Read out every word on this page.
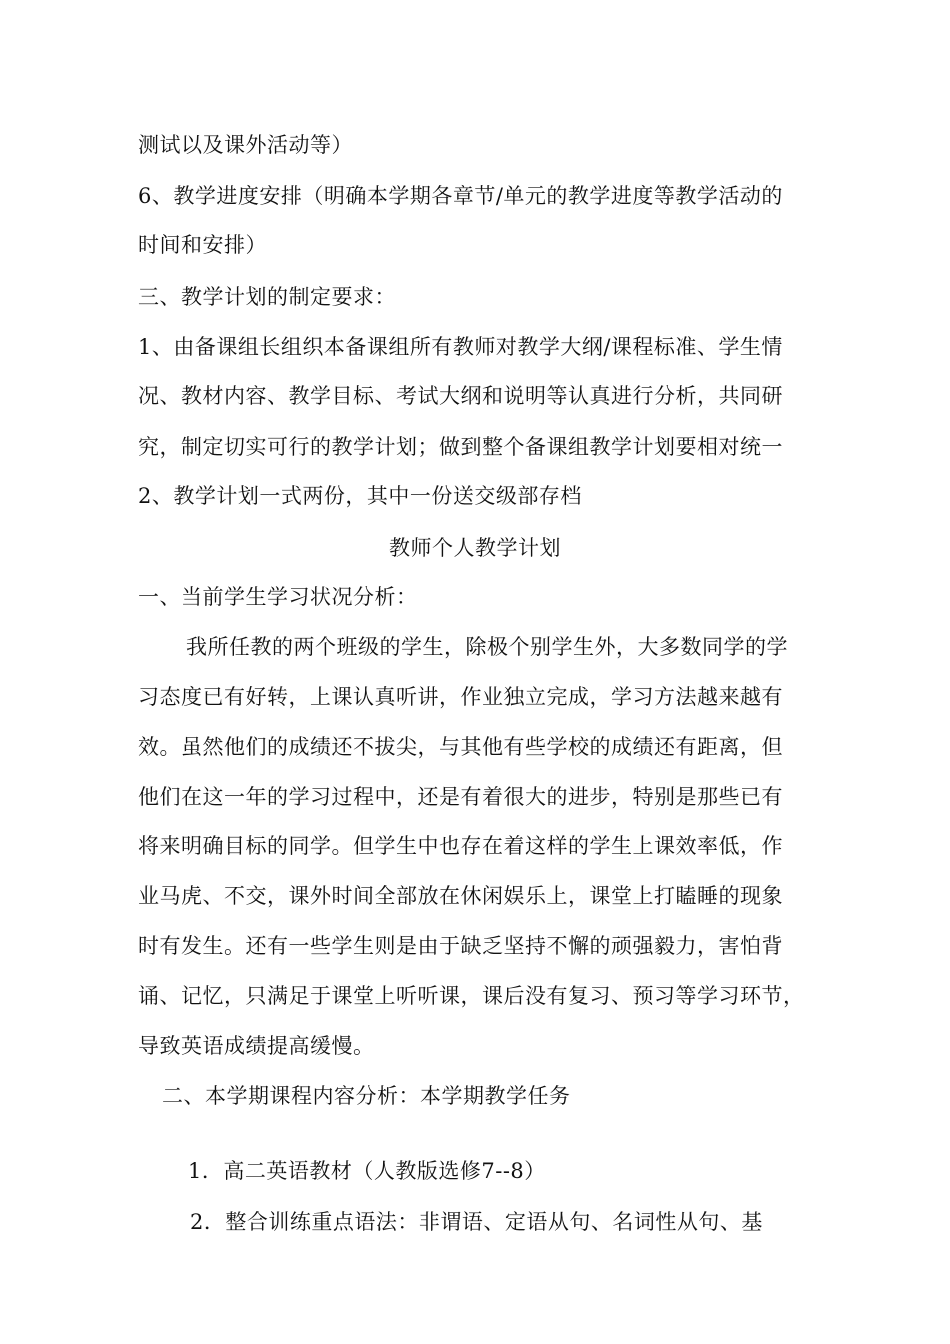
测试以及课外活动等）
6、教学进度安排（明确本学期各章节/单元的教学进度等教学活动的
时间和安排）
三、教学计划的制定要求：
1、由备课组长组织本备课组所有教师对教学大纲/课程标准、学生情
况、教材内容、教学目标、考试大纲和说明等认真进行分析，共同研
究，制定切实可行的教学计划；做到整个备课组教学计划要相对统一
2、教学计划一式两份，其中一份送交级部存档
教师个人教学计划
一、当前学生学习状况分析：
我所任教的两个班级的学生，除极个别学生外，大多数同学的学
习态度已有好转，上课认真听讲，作业独立完成，学习方法越来越有
效。虽然他们的成绩还不拔尖，与其他有些学校的成绩还有距离，但
他们在这一年的学习过程中，还是有着很大的进步，特别是那些已有
将来明确目标的同学。但学生中也存在着这样的学生上课效率低，作
业马虎、不交，课外时间全部放在休闲娱乐上，课堂上打瞌睡的现象
时有发生。还有一些学生则是由于缺乏坚持不懈的顽强毅力，害怕背
诵、记忆，只满足于课堂上听听课，课后没有复习、预习等学习环节，
导致英语成绩提高缓慢。
二、本学期课程内容分析：本学期教学任务
1．高二英语教材（人教版选修7--8）
2．整合训练重点语法：非谓语、定语从句、名词性从句、基
